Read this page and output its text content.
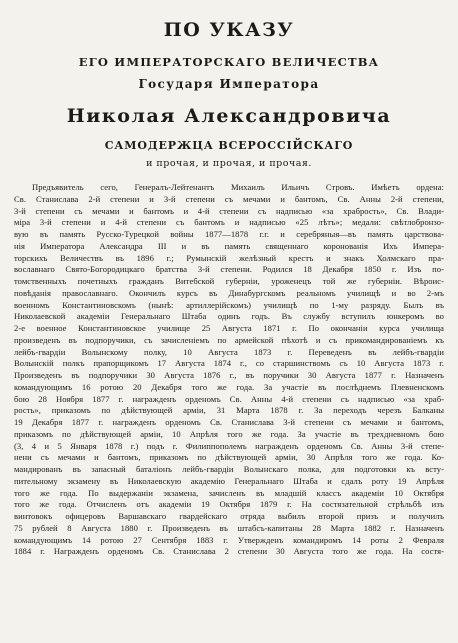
ПО УКАЗУ
ЕГО ИМПЕРАТОРСКАГО ВЕЛИЧЕСТВА
Государя Императора
Николая Александровича
САМОДЕРЖЦА ВСЕРОССІЙСКАГО
и прочая, и прочая, и прочая.
Предъявитель сего, Генералъ-Лейтенантъ Михаилъ Ильичъ Стровъ. Имѣетъ ордена:
Св. Станислава 2-й степени и 3-й степени съ мечами и бантомъ, Св. Анны 2-й степени,
3-й степени съ мечами и бантомъ и 4-й степени съ надписью «за храбрость», Св. Влади-
міра 3-й степени и 4-й степени съ бантомъ и надписью «25 лѣтъ»; медали: свѣтлобронзо-
вую въ память Русско-Турецкой войны 1877—1878 г.г. и серебряныя—въ память царствова-
нія Императора Александра III и въ память священнаго коронованія Ихъ Импера-
торскихъ Величествъ въ 1896 г.; Румынскій желѣзный крестъ и знакъ Холмскаго пра-
вославнаго Свято-Богородицкаго братства 3-й степени. Родился 18 Декабря 1850 г. Изъ по-
томственныхъ почетныхъ гражданъ Витебской губерніи, уроженецъ той же губерніи. Вѣроис-
повѣданія православнаго. Окончилъ курсъ въ Динабургскомъ реальномъ училищѣ и во 2-мъ
военномъ Константиновскомъ (нынѣ: артиллерійскомъ) училищѣ по 1-му разряду. Былъ въ
Николаевской академіи Генеральнаго Штаба одинъ годъ. Въ службу вступилъ юнкеромъ во
2-е военное Константиновское училище 25 Августа 1871 г. По окончаніи курса училища
произведенъ въ подпоручики, съ зачисленіемъ по армейской пѣхотѣ и съ прикомандированіемъ къ
лейбъ-гвардіи Волынскому полку, 10 Августа 1873 г. Переведенъ въ лейбъ-гвардіи
Волынскій полкъ прапорщикомъ 17 Августа 1874 г., со старшинствомъ съ 10 Августа 1873 г.
Произведенъ въ подпоручики 30 Августа 1876 г., въ поручики 30 Августа 1877 г. Назначенъ
командующимъ 16 ротою 20 Декабря того же года. За участіе въ послѣднемъ Плевненскомъ
бою 28 Ноября 1877 г. награжденъ орденомъ Св. Анны 4-й степени съ надписью «за храб-
рость», приказомъ по дѣйствующей арміи, 31 Марта 1878 г. За переходъ черезъ Балканы
19 Декабря 1877 г. награжденъ орденомъ Св. Станислава 3-й степени съ мечами и бантомъ,
приказомъ по дѣйствующей арміи, 10 Апрѣля того же года. За участіе въ трехдневномъ бою
(3, 4 и 5 Января 1878 г.) подъ г. Филиппополемъ награжденъ орденомъ Св. Анны 3-й степе-
нени съ мечами и бантомъ, приказомъ по дѣйствующей арміи, 30 Апрѣля того же года. Ко-
мандированъ въ запасный баталіонъ лейбъ-гвардіи Волынскаго полка, для подготовки къ всту-
пительному экзамену въ Николаевскую академію Генеральнаго Штаба и сдалъ роту 19 Апрѣля
того же года. По выдержаніи экзамена, зачисленъ въ младшій классъ академіи 10 Октября
того же года. Отчисленъ отъ академіи 19 Октября 1879 г. На состязательной стрѣльбѣ изъ
винтовокъ офицеровъ Варшавскаго гвардейскаго отряда выбилъ второй призъ и получилъ
75 рублей 8 Августа 1880 г. Произведенъ въ штабсъ-капитаны 28 Марта 1882 г. Назначенъ
командующимъ 14 ротою 27 Сентября 1883 г. Утвержденъ командиромъ 14 роты 2 Февраля
1884 г. Награжденъ орденомъ Св. Станислава 2 степени 30 Августа того же года. На состя-
